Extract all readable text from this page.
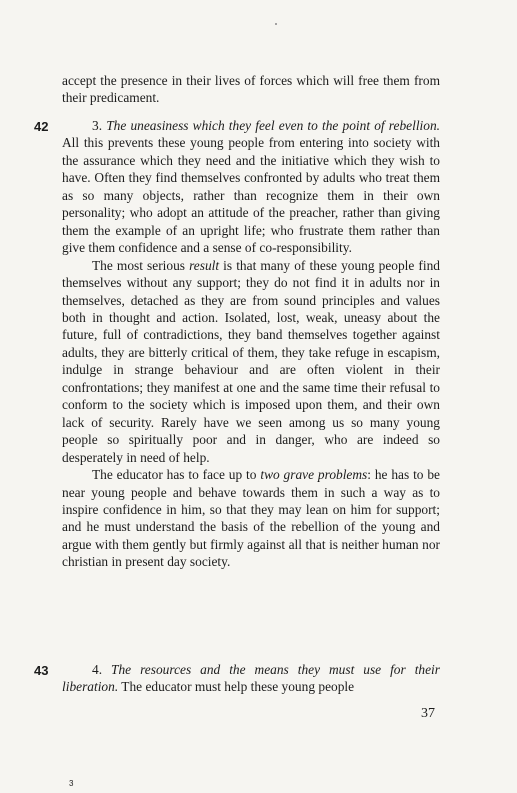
accept the presence in their lives of forces which will free them from their predicament.

42	3. The uneasiness which they feel even to the point of rebellion. All this prevents these young people from entering into society with the assurance which they need and the initiative which they wish to have. Often they find themselves confronted by adults who treat them as so many objects, rather than recognize them in their own personality; who adopt an attitude of the preacher, rather than giving them the example of an upright life; who frustrate them rather than give them confidence and a sense of co-responsibility.

The most serious result is that many of these young people find themselves without any support; they do not find it in adults nor in themselves, detached as they are from sound principles and values both in thought and action. Isolated, lost, weak, uneasy about the future, full of contradictions, they band themselves together against adults, they are bitterly critical of them, they take refuge in escapism, indulge in strange behaviour and are often violent in their confrontations; they manifest at one and the same time their refusal to conform to the society which is imposed upon them, and their own lack of security. Rarely have we seen among us so many young people so spiritually poor and in danger, who are indeed so desperately in need of help.

The educator has to face up to two grave problems: he has to be near young people and behave towards them in such a way as to inspire confidence in him, so that they may lean on him for support; and he must understand the basis of the rebellion of the young and argue with them gently but firmly against all that is neither human nor christian in present day society.

43	4. The resources and the means they must use for their liberation. The educator must help these young people

37
3
